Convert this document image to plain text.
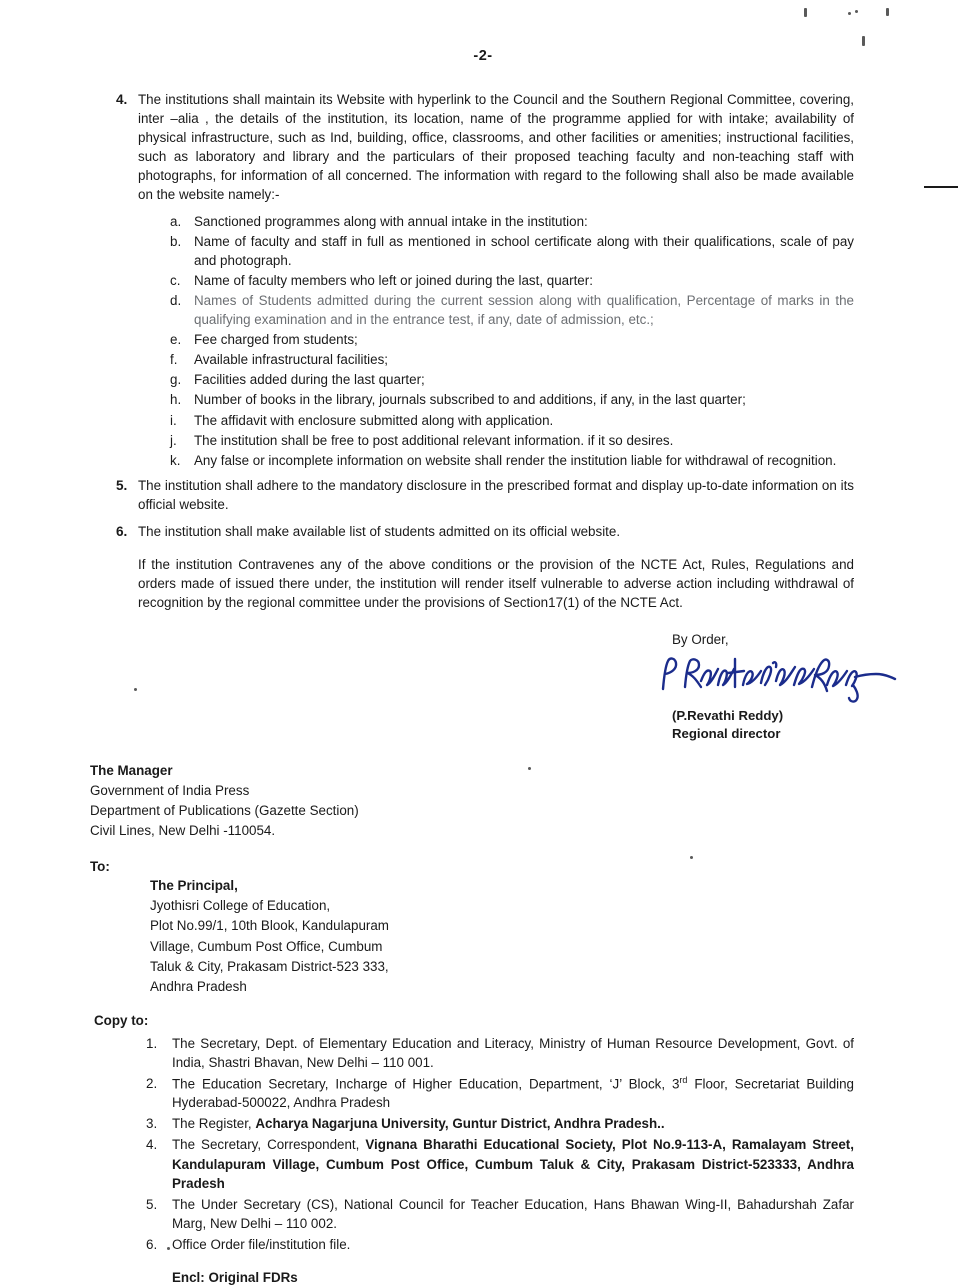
-2-
4. The institutions shall maintain its Website with hyperlink to the Council and the Southern Regional Committee, covering, inter –alia , the details of the institution, its location, name of the programme applied for with intake; availability of physical infrastructure, such as Ind, building, office, classrooms, and other facilities or amenities; instructional facilities, such as laboratory and library and the particulars of their proposed teaching faculty and non-teaching staff with photographs, for information of all concerned. The information with regard to the following shall also be made available on the website namely:-
a. Sanctioned programmes along with annual intake in the institution:
b. Name of faculty and staff in full as mentioned in school certificate along with their qualifications, scale of pay and photograph.
c.	Name of faculty members who left or joined during the last, quarter:
d. Names of Students admitted during the current session along with qualification, Percentage of marks in the qualifying examination and in the entrance test, if any, date of admission, etc.;
e. Fee charged from students;
f.	Available infrastructural facilities;
g. Facilities added during the last quarter;
h. Number of books in the library, journals subscribed to and additions, if any, in the last quarter;
i.	The affidavit with enclosure submitted along with application.
j.	The institution shall be free to post additional relevant information. if it so desires.
k.	Any false or incomplete information on website shall render the institution liable for withdrawal of recognition.
5. The institution shall adhere to the mandatory disclosure in the prescribed format and display up-to-date information on its official website.
6. The institution shall make available list of students admitted on its official website.
If the institution Contravenes any of the above conditions or the provision of the NCTE Act, Rules, Regulations and orders made of issued there under, the institution will render itself vulnerable to adverse action including withdrawal of recognition by the regional committee under the provisions of Section17(1) of the NCTE Act.
By Order,
(P.Revathi Reddy)
Regional director
The Manager
Government of India Press
Department of Publications (Gazette Section)
Civil Lines, New Delhi -110054.
To:
The Principal,
Jyothisri College of Education,
Plot No.99/1, 10th Blook, Kandulapuram
Village, Cumbum Post Office, Cumbum
Taluk & City, Prakasam District-523 333,
Andhra Pradesh
Copy to:
1.	The Secretary, Dept. of Elementary Education and Literacy, Ministry of Human Resource Development, Govt. of India, Shastri Bhavan, New Delhi – 110 001.
2.	The Education Secretary, Incharge of Higher Education, Department, ‘J’ Block, 3rd Floor, Secretariat Building Hyderabad-500022, Andhra Pradesh
3.	The Register, Acharya Nagarjuna University, Guntur District, Andhra Pradesh..
4.	The Secretary, Correspondent, Vignana Bharathi Educational Society, Plot No.9-113-A, Ramalayam Street, Kandulapuram Village, Cumbum Post Office, Cumbum Taluk & City, Prakasam District-523333, Andhra Pradesh
5.	The Under Secretary (CS), National Council for Teacher Education, Hans Bhawan Wing-II, Bahadurshah Zafar Marg, New Delhi – 110 002.
6.	Office Order file/institution file.
Encl: Original FDRs
